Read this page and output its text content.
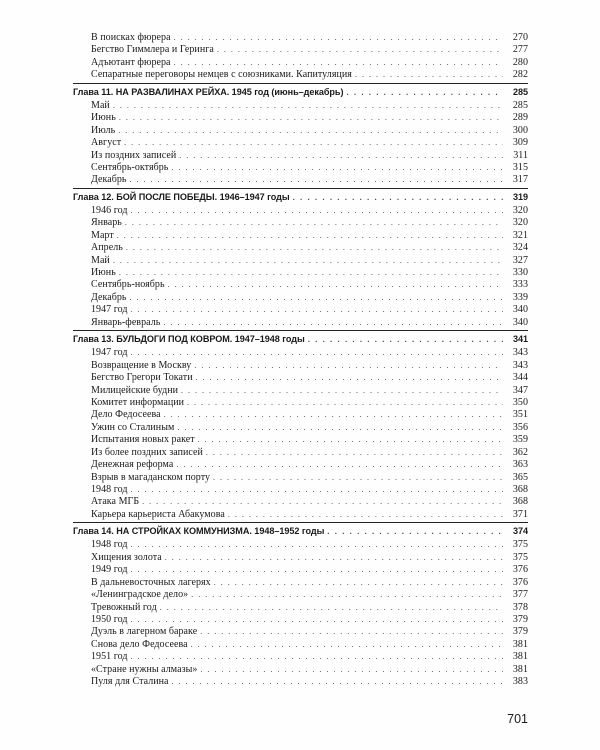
В поисках фюрера . . .	270
Бегство Гиммлера и Геринга . . .	277
Адъютант фюрера . . .	280
Сепаратные переговоры немцев с союзниками. Капитуляция . . .	282
Глава 11. НА РАЗВАЛИНАХ РЕЙХА. 1945 год (июнь–декабрь) . . .	285
Май . . .	285
Июнь . . .	289
Июль . . .	300
Август . . .	309
Из поздних записей . . .	311
Сентябрь-октябрь . . .	315
Декабрь . . .	317
Глава 12. БОЙ ПОСЛЕ ПОБЕДЫ. 1946–1947 годы . . .	319
1946 год . . .	320
Январь . . .	320
Март . . .	321
Апрель . . .	324
Май . . .	327
Июнь . . .	330
Сентябрь-ноябрь . . .	333
Декабрь . . .	339
1947 год . . .	340
Январь-февраль . . .	340
Глава 13. БУЛЬДОГИ ПОД КОВРОМ. 1947–1948 годы . . .	341
1947 год . . .	343
Возвращение в Москву . . .	343
Бегство Грегори Токати . . .	344
Милицейские будни . . .	347
Комитет информации . . .	350
Дело Федосеева . . .	351
Ужин со Сталиным . . .	356
Испытания новых ракет . . .	359
Из более поздних записей . . .	362
Денежная реформа . . .	363
Взрыв в магаданском порту . . .	365
1948 год . . .	368
Атака МГБ . . .	368
Карьера карьериста Абакумова . . .	371
Глава 14. НА СТРОЙКАХ КОММУНИЗМА. 1948–1952 годы . . .	374
1948 год . . .	375
Хищения золота . . .	375
1949 год . . .	376
В дальневосточных лагерях . . .	376
«Ленинградское дело» . . .	377
Тревожный год . . .	378
1950 год . . .	379
Дуэль в лагерном бараке . . .	379
Снова дело Федосеева . . .	381
1951 год . . .	381
«Стране нужны алмазы» . . .	381
Пуля для Сталина . . .	383
701
